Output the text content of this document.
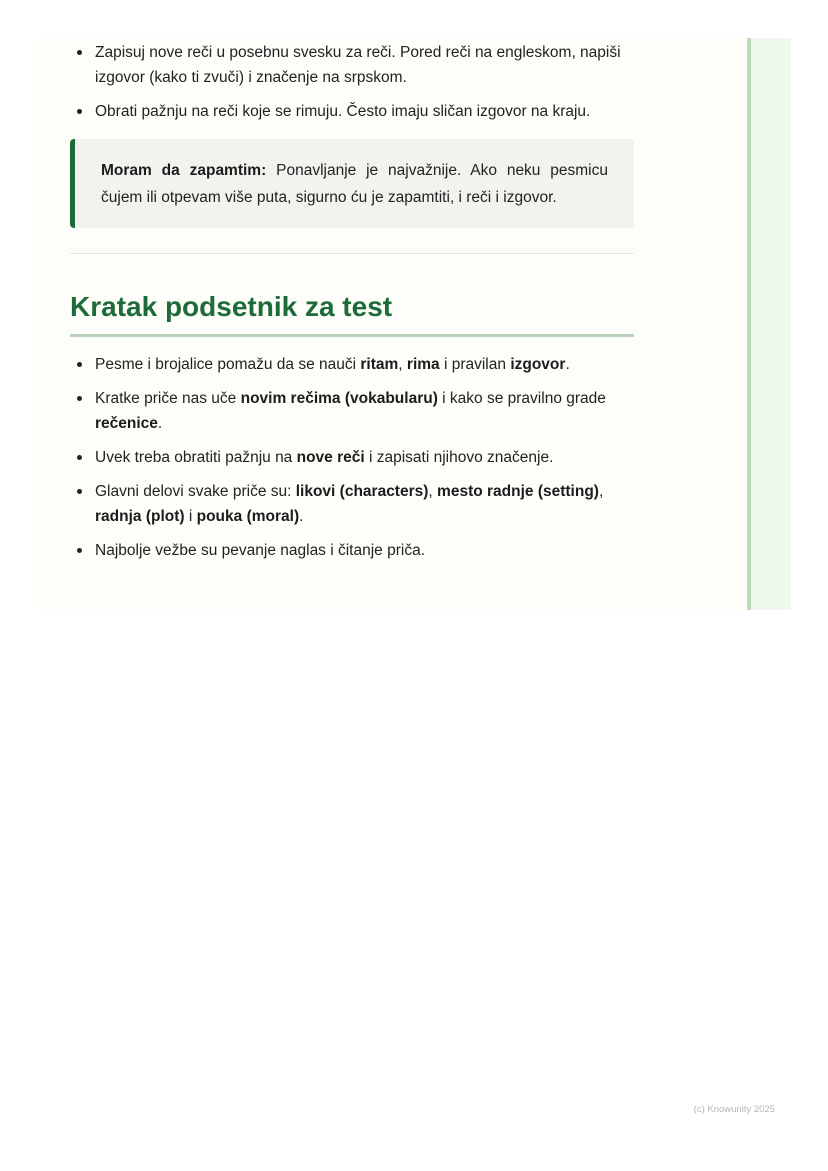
Zapisuj nove reči u posebnu svesku za reči. Pored reči na engleskom, napiši izgovor (kako ti zvuči) i značenje na srpskom.
Obrati pažnju na reči koje se rimuju. Često imaju sličan izgovor na kraju.
Moram da zapamtim: Ponavljanje je najvažnije. Ako neku pesmicu čujem ili otpevam više puta, sigurno ću je zapamtiti, i reči i izgovor.
Kratak podsetnik za test
Pesme i brojalice pomažu da se nauči ritam, rima i pravilan izgovor.
Kratke priče nas uče novim rečima (vokabularu) i kako se pravilno grade rečenice.
Uvek treba obratiti pažnju na nove reči i zapisati njihovo značenje.
Glavni delovi svake priče su: likovi (characters), mesto radnje (setting), radnja (plot) i pouka (moral).
Najbolje vežbe su pevanje naglas i čitanje priča.
(c) Knowunity 2025
